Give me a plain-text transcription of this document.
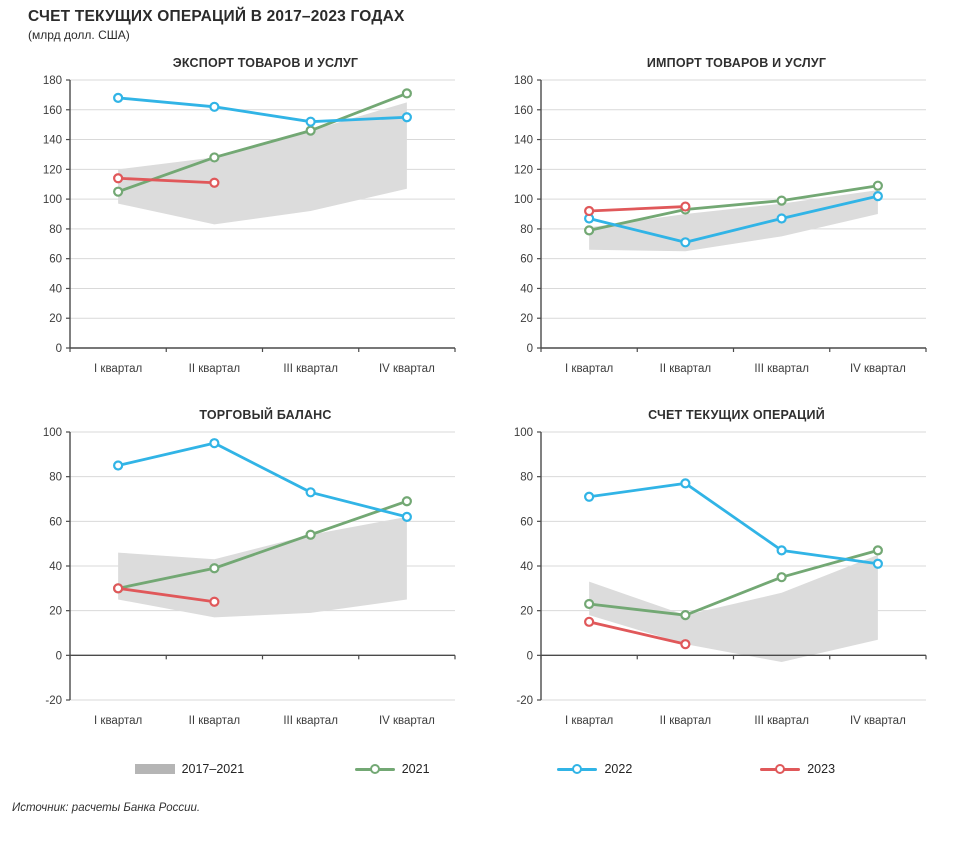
СЧЕТ ТЕКУЩИХ ОПЕРАЦИЙ В 2017–2023 ГОДАХ
(млрд долл. США)
ЭКСПОРТ ТОВАРОВ И УСЛУГ
0
20
40
60
80
100
120
140
160
180
I квартал	II квартал	III квартал	IV квартал
ИМПОРТ ТОВАРОВ И УСЛУГ
0
20
40
60
80
100
120
140
160
180
I квартал	II квартал	III квартал	IV квартал
ТОРГОВЫЙ БАЛАНС
-20
0
20
40
60
80
100
I квартал	II квартал	III квартал	IV квартал
СЧЕТ ТЕКУЩИХ ОПЕРАЦИЙ
-20
0
20
40
60
80
100
I квартал	II квартал	III квартал	IV квартал
2017–2021	2021	2022	2023
Источник: расчеты Банка России.
